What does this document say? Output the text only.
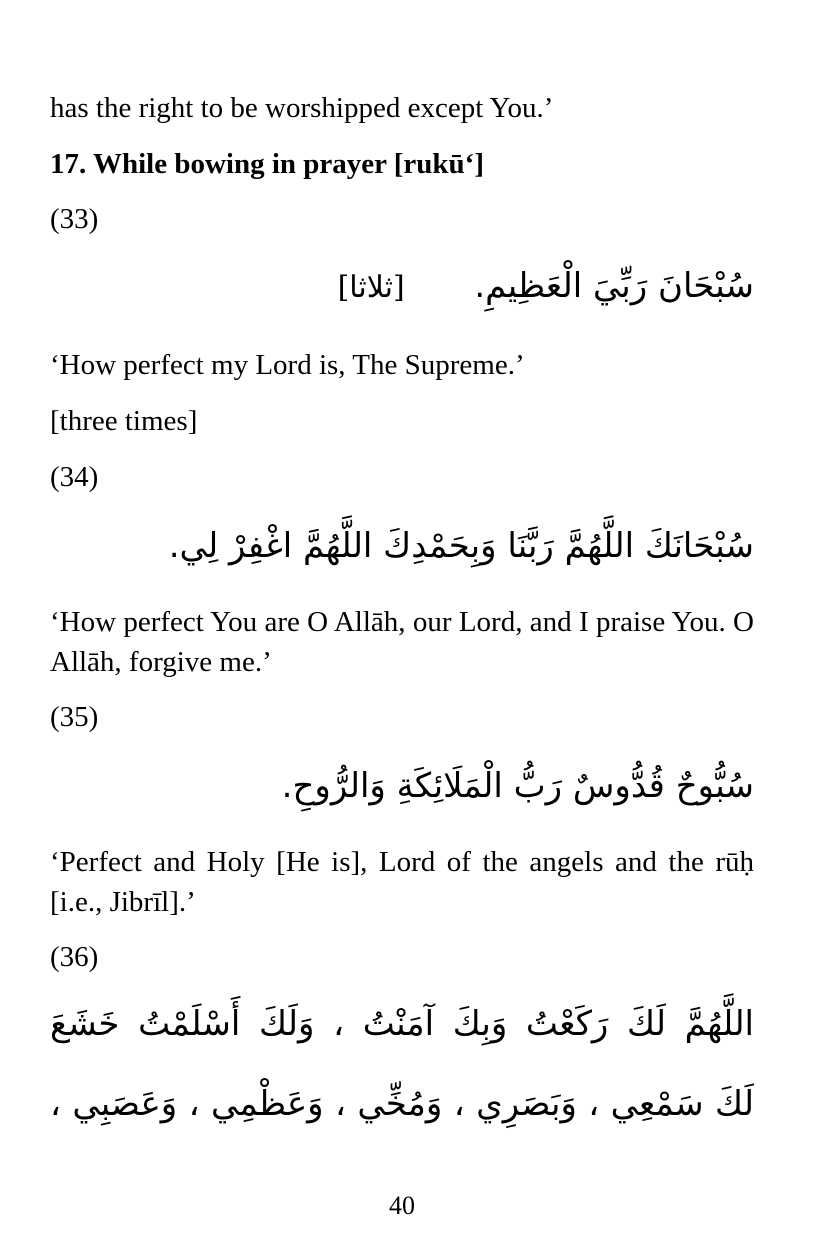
has the right to be worshipped except You.’

17. While bowing in prayer [rukū‘]

(33)

سُبْحَانَ رَبِّيَ الْعَظِيمِ.  [ثلاثا]

‘How perfect my Lord is, The Supreme.’

[three times]

(34)

سُبْحَانَكَ اللَّهُمَّ رَبَّنَا وَبِحَمْدِكَ اللَّهُمَّ اغْفِرْ لِي.

‘How perfect You are O Allāh, our Lord, and I praise You. O Allāh, forgive me.’

(35)

سُبُّوحٌ قُدُّوسٌ رَبُّ الْمَلَائِكَةِ وَالرُّوحِ.

‘Perfect and Holy [He is], Lord of the angels and the rūḥ [i.e., Jibrīl].’

(36)

اللَّهُمَّ لَكَ رَكَعْتُ وَبِكَ آمَنْتُ ، وَلَكَ أَسْلَمْتُ خَشَعَ
لَكَ سَمْعِي ، وَبَصَرِي ، وَمُخِّي ، وَعَظْمِي ، وَعَصَبِي ،
40
